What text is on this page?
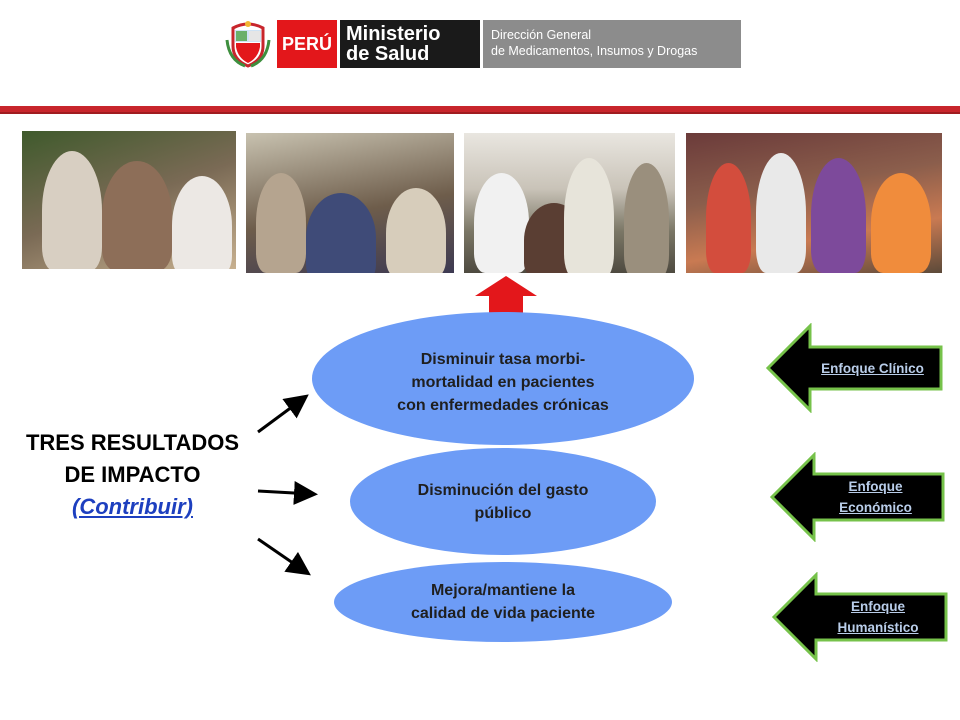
PERÚ Ministerio
de Salud
Dirección General
de Medicamentos, Insumos y Drogas
Disminuir tasa morbi-
mortalidad en pacientes
con enfermedades crónicas
Disminución del gasto
público
Mejora/mantiene la
calidad de vida paciente
TRES RESULTADOS
DE IMPACTO
(Contribuir)
Enfoque Clínico
Enfoque
Económico
Enfoque
Humanístico
